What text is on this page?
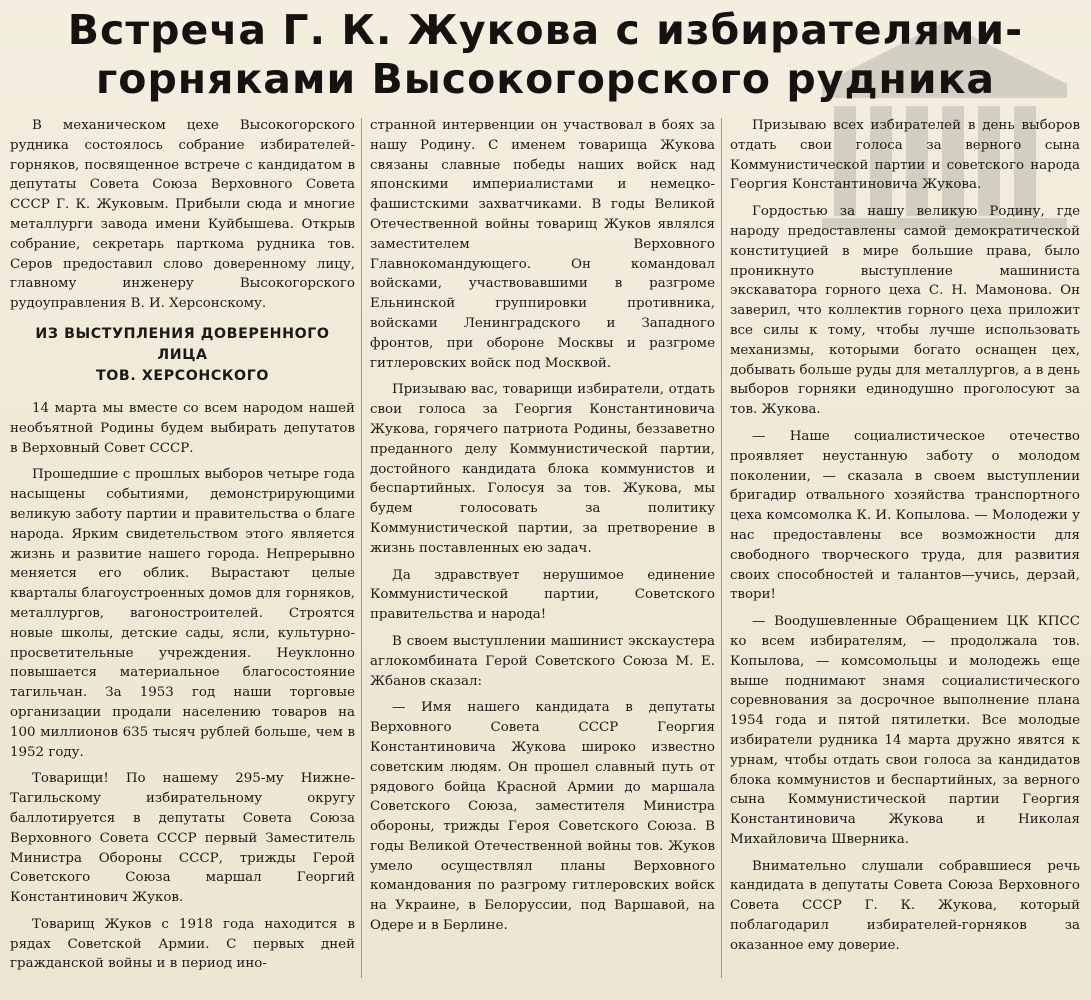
Встреча Г. К. Жукова с избирателями-
горняками Высокогорского рудника

В механическом цехе Высокогорского рудника состоялось собрание избирателей-горняков, посвященное встрече с кандидатом в депутаты Совета Союза Верховного Совета СССР Г. К. Жуковым. Прибыли сюда и многие металлурги завода имени Куйбышева. Открыв собрание, секретарь парткома рудника тов. Серов предоставил слово доверенному лицу, главному инженеру Высокогорского рудоуправления В. И. Херсонскому.

ИЗ ВЫСТУПЛЕНИЯ ДОВЕРЕННОГО ЛИЦА
ТОВ. ХЕРСОНСКОГО

14 марта мы вместе со всем народом нашей необъятной Родины будем выбирать депутатов в Верховный Совет СССР.

Прошедшие с прошлых выборов четыре года насыщены событиями, демонстрирующими великую заботу партии и правительства о благе народа. Ярким свидетельством этого является жизнь и развитие нашего города. Непрерывно меняется его облик. Вырастают целые кварталы благоустроенных домов для горняков, металлургов, вагоностроителей. Строятся новые школы, детские сады, ясли, культурно-просветительные учреждения. Неуклонно повышается материальное благосостояние тагильчан. За 1953 год наши торговые организации продали населению товаров на 100 миллионов 635 тысяч рублей больше, чем в 1952 году.

Товарищи! По нашему 295-му Нижне-Тагильскому избирательному округу баллотируется в депутаты Совета Союза Верховного Совета СССР первый Заместитель Министра Обороны СССР, трижды Герой Советского Союза маршал Георгий Константинович Жуков.

Товарищ Жуков с 1918 года находится в рядах Советской Армии. С первых дней гражданской войны и в период ино-

странной интервенции он участвовал в боях за нашу Родину. С именем товарища Жукова связаны славные победы наших войск над японскими империалистами и немецко-фашистскими захватчиками. В годы Великой Отечественной войны товарищ Жуков являлся заместителем Верховного Главнокомандующего. Он командовал войсками, участвовавшими в разгроме Ельнинской группировки противника, войсками Ленинградского и Западного фронтов, при обороне Москвы и разгроме гитлеровских войск под Москвой.

Призываю вас, товарищи избиратели, отдать свои голоса за Георгия Константиновича Жукова, горячего патриота Родины, беззаветно преданного делу Коммунистической партии, достойного кандидата блока коммунистов и беспартийных. Голосуя за тов. Жукова, мы будем голосовать за политику Коммунистической партии, за претворение в жизнь поставленных ею задач.

Да здравствует нерушимое единение Коммунистической партии, Советского правительства и народа!

В своем выступлении машинист экскаустера аглокомбината Герой Советского Союза М. Е. Жбанов сказал:

— Имя нашего кандидата в депутаты Верховного Совета СССР Георгия Константиновича Жукова широко известно советским людям. Он прошел славный путь от рядового бойца Красной Армии до маршала Советского Союза, заместителя Министра обороны, трижды Героя Советского Союза. В годы Великой Отечественной войны тов. Жуков умело осуществлял планы Верховного командования по разгрому гитлеровских войск на Украине, в Белоруссии, под Варшавой, на Одере и в Берлине.

Призываю всех избирателей в день выборов отдать свои голоса за верного сына Коммунистической партии и советского народа Георгия Константиновича Жукова.

Гордостью за нашу великую Родину, где народу предоставлены самой демократической конституцией в мире большие права, было проникнуто выступление машиниста экскаватора горного цеха С. Н. Мамонова. Он заверил, что коллектив горного цеха приложит все силы к тому, чтобы лучше использовать механизмы, которыми богато оснащен цех, добывать больше руды для металлургов, а в день выборов горняки единодушно проголосуют за тов. Жукова.

— Наше социалистическое отечество проявляет неустанную заботу о молодом поколении, — сказала в своем выступлении бригадир отвального хозяйства транспортного цеха комсомолка К. И. Копылова. — Молодежи у нас предоставлены все возможности для свободного творческого труда, для развития своих способностей и талантов—учись, дерзай, твори!

— Воодушевленные Обращением ЦК КПСС ко всем избирателям, — продолжала тов. Копылова, — комсомольцы и молодежь еще выше поднимают знамя социалистического соревнования за досрочное выполнение плана 1954 года и пятой пятилетки. Все молодые избиратели рудника 14 марта дружно явятся к урнам, чтобы отдать свои голоса за кандидатов блока коммунистов и беспартийных, за верного сына Коммунистической партии Георгия Константиновича Жукова и Николая Михайловича Шверника.

Внимательно слушали собравшиеся речь кандидата в депутаты Совета Союза Верховного Совета СССР Г. К. Жукова, который поблагодарил избирателей-горняков за оказанное ему доверие.
